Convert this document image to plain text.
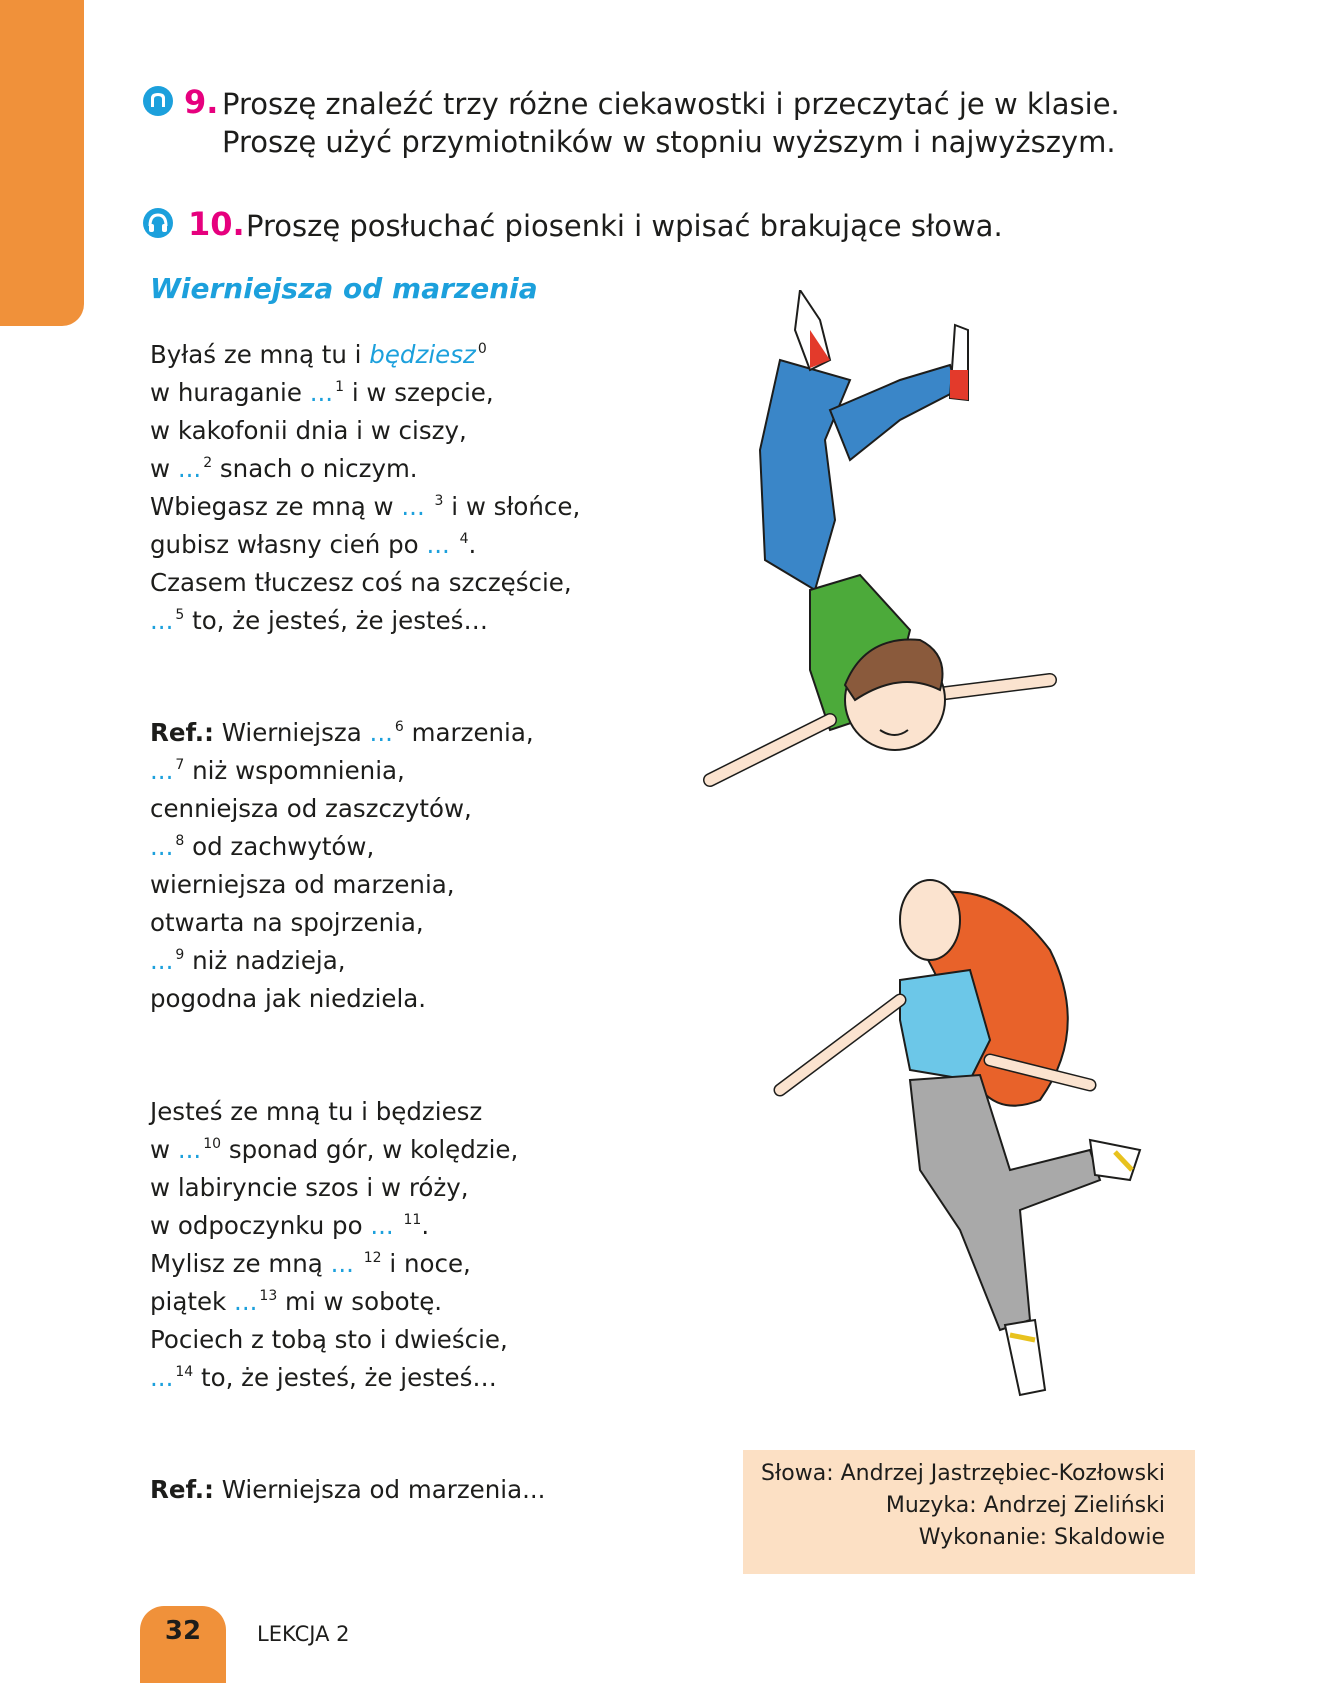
9. Proszę znaleźć trzy różne ciekawostki i przeczytać je w klasie. Proszę użyć przymiotników w stopniu wyższym i najwyższym.
10. Proszę posłuchać piosenki i wpisać brakujące słowa.
Wierniejsza od marzenia
Byłaś ze mną tu i będziesz $^0$
w huraganie ... $^1$ i w szepcie,
w kakofonii dnia i w ciszy,
w ... $^2$ snach o niczym.
Wbiegasz ze mną w ... $^3$ i w słońce,
gubisz własny cień po ... $^4$.
Czasem tłuczesz coś na szczęście,
... $^5$ to, że jesteś, że jesteś…
Ref.: Wierniejsza ... $^6$ marzenia,
... $^7$ niż wspomnienia,
cenniejsza od zaszczytów,
... $^8$ od zachwytów,
wierniejsza od marzenia,
otwarta na spojrzenia,
... $^9$ niż nadzieja,
pogodna jak niedziela.
Jesteś ze mną tu i będziesz
w ... $^{10}$ sponad gór, w kolędzie,
w labiryncie szos i w róży,
w odpoczynku po ... $^{11}$.
Mylisz ze mną ... $^{12}$ i noce,
piątek ... $^{13}$ mi w sobotę.
Pociech z tobą sto i dwieście,
... $^{14}$ to, że jesteś, że jesteś…
Ref.: Wierniejsza od marzenia...
Słowa: Andrzej Jastrzębiec-Kozłowski
Muzyka: Andrzej Zieliński
Wykonanie: Skaldowie
32	LEKCJA 2
